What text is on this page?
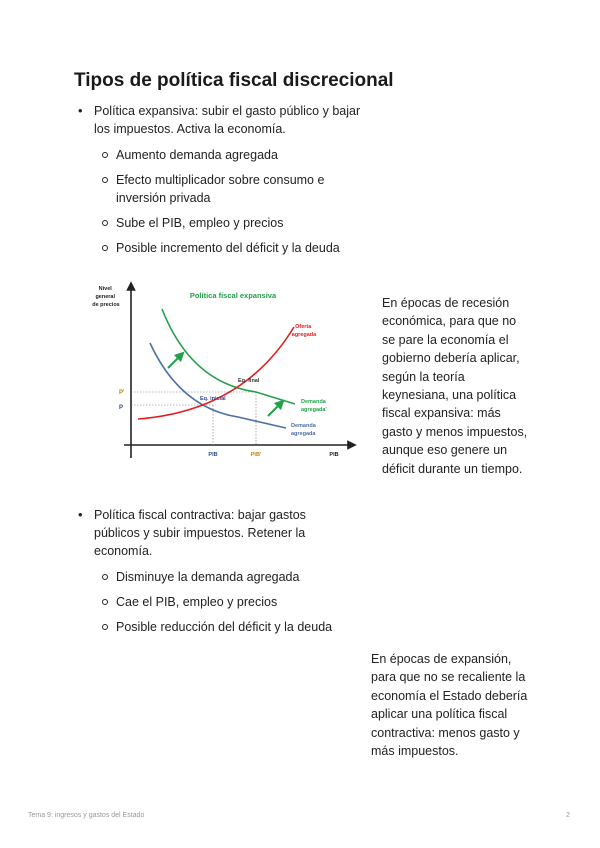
Tipos de política fiscal discrecional
• Política expansiva: subir el gasto público y bajar los impuestos. Activa la economía.
Aumento demanda agregada
Efecto multiplicador sobre consumo e inversión privada
Sube el PIB, empleo y precios
Posible incremento del déficit y la deuda
Nivel general de precios
Política fiscal expansiva
P'
P
PIB	PIB'	PIB
Eq. inicial
Eq. final
Oferta agregada
Demanda agregada'
Demanda agregada

En épocas de recesión económica, para que no se pare la economía el gobierno debería aplicar, según la teoría keynesiana, una política fiscal expansiva: más gasto y menos impuestos, aunque eso genere un déficit durante un tiempo.

• Política fiscal contractiva: bajar gastos públicos y subir impuestos. Retener la economía.
Disminuye la demanda agregada
Cae el PIB, empleo y precios
Posible reducción del déficit y la deuda

En épocas de expansión, para que no se recaliente la economía el Estado debería aplicar una política fiscal contractiva: menos gasto y más impuestos.

Tema 9: ingresos y gastos del Estado	2
